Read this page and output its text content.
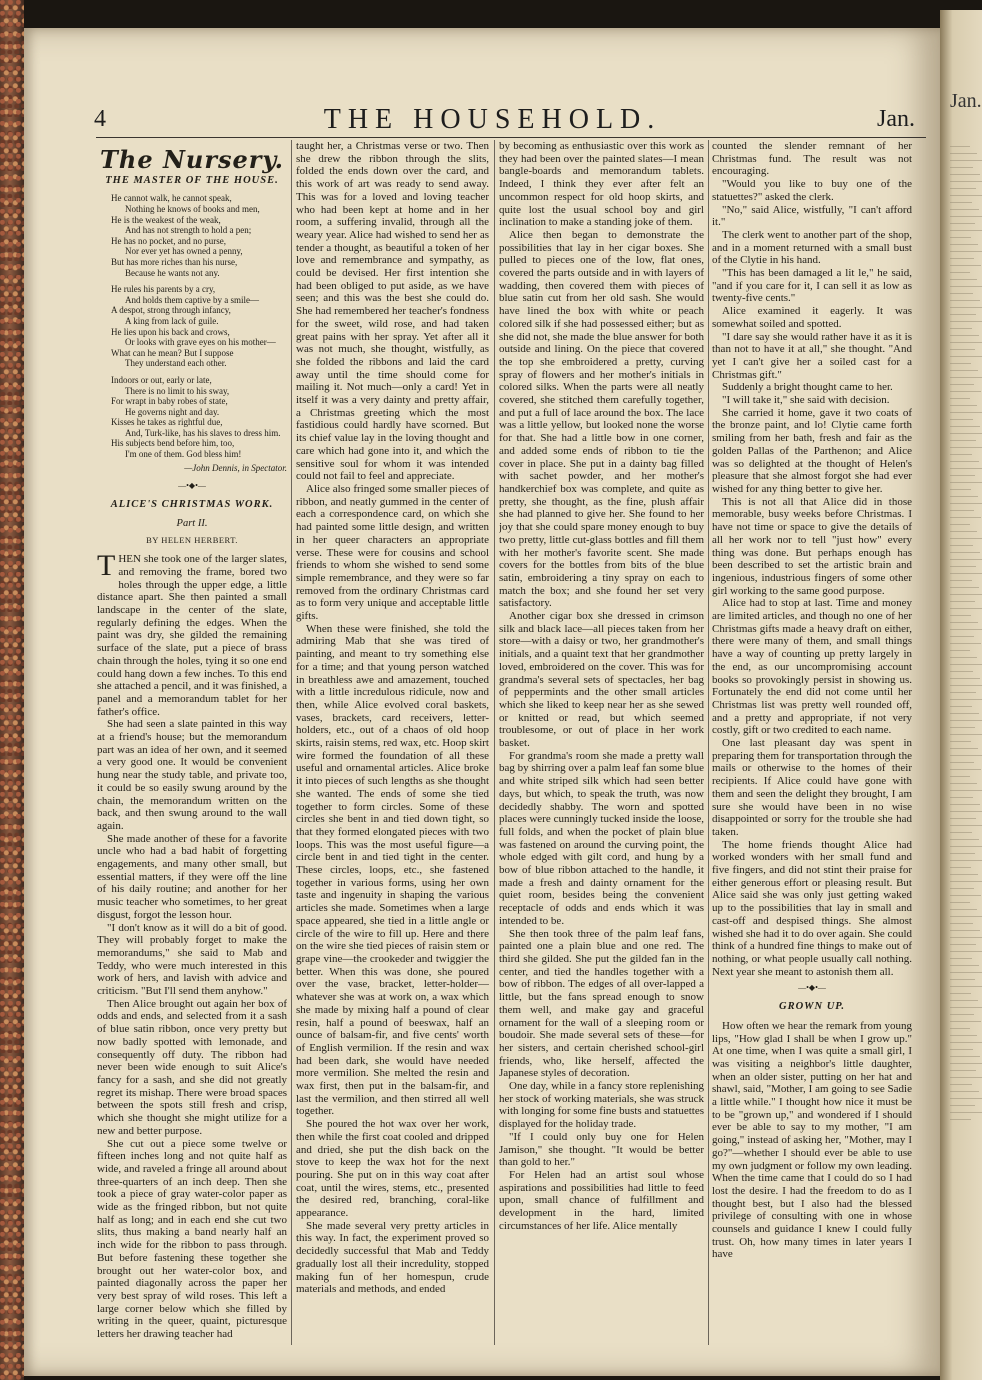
Jan.
4	THE HOUSEHOLD.	Jan.
The Nursery.
THE MASTER OF THE HOUSE.
He cannot walk, he cannot speak,
Nothing he knows of books and men,
He is the weakest of the weak,
And has not strength to hold a pen;
He has no pocket, and no purse,
Nor ever yet has owned a penny,
But has more riches than his nurse,
Because he wants not any.
He rules his parents by a cry,
And holds them captive by a smile—
A despot, strong through infancy,
A king from lack of guile.
He lies upon his back and crows,
Or looks with grave eyes on his mother—
What can he mean? But I suppose
They understand each other.
Indoors or out, early or late,
There is no limit to his sway,
For wrapt in baby robes of state,
He governs night and day.
Kisses he takes as rightful due,
And, Turk-like, has his slaves to dress him.
His subjects bend before him, too,
I'm one of them. God bless him!
—John Dennis, in Spectator.
—•◆•—
ALICE'S CHRISTMAS WORK.
Part II.
BY HELEN HERBERT.

THEN she took one of the larger slates, and removing the frame, bored two holes through the upper edge, a little distance apart. She then painted a small landscape in the center of the slate, regularly defining the edges. When the paint was dry, she gilded the remaining surface of the slate, put a piece of brass chain through the holes, tying it so one end could hang down a few inches. To this end she attached a pencil, and it was finished, a panel and a memorandum tablet for her father's office.

She had seen a slate painted in this way at a friend's house; but the memorandum part was an idea of her own, and it seemed a very good one. It would be convenient hung near the study table, and private too, it could be so easily swung around by the chain, the memorandum written on the back, and then swung around to the wall again.

She made another of these for a favorite uncle who had a bad habit of forgetting engagements, and many other small, but essential matters, if they were off the line of his daily routine; and another for her music teacher who sometimes, to her great disgust, forgot the lesson hour.

"I don't know as it will do a bit of good. They will probably forget to make the memorandums," she said to Mab and Teddy, who were much interested in this work of hers, and lavish with advice and criticism. "But I'll send them anyhow."

Then Alice brought out again her box of odds and ends, and selected from it a sash of blue satin ribbon, once very pretty but now badly spotted with lemonade, and consequently off duty. The ribbon had never been wide enough to suit Alice's fancy for a sash, and she did not greatly regret its mishap. There were broad spaces between the spots still fresh and crisp, which she thought she might utilize for a new and better purpose.

She cut out a piece some twelve or fifteen inches long and not quite half as wide, and raveled a fringe all around about three-quarters of an inch deep. Then she took a piece of gray water-color paper as wide as the fringed ribbon, but not quite half as long; and in each end she cut two slits, thus making a band nearly half an inch wide for the ribbon to pass through. But before fastening these together she brought out her water-color box, and painted diagonally across the paper her very best spray of wild roses. This left a large corner below which she filled by writing in the queer, quaint, picturesque letters her drawing teacher had

taught her, a Christmas verse or two. Then she drew the ribbon through the slits, folded the ends down over the card, and this work of art was ready to send away. This was for a loved and loving teacher who had been kept at home and in her room, a suffering invalid, through all the weary year. Alice had wished to send her as tender a thought, as beautiful a token of her love and remembrance and sympathy, as could be devised. Her first intention she had been obliged to put aside, as we have seen; and this was the best she could do. She had remembered her teacher's fondness for the sweet, wild rose, and had taken great pains with her spray. Yet after all it was not much, she thought, wistfully, as she folded the ribbons and laid the card away until the time should come for mailing it. Not much—only a card! Yet in itself it was a very dainty and pretty affair, a Christmas greeting which the most fastidious could hardly have scorned. But its chief value lay in the loving thought and care which had gone into it, and which the sensitive soul for whom it was intended could not fail to feel and appreciate.

Alice also fringed some smaller pieces of ribbon, and neatly gummed in the center of each a correspondence card, on which she had painted some little design, and written in her queer characters an appropriate verse. These were for cousins and school friends to whom she wished to send some simple remembrance, and they were so far removed from the ordinary Christmas card as to form very unique and acceptable little gifts.

When these were finished, she told the admiring Mab that she was tired of painting, and meant to try something else for a time; and that young person watched in breathless awe and amazement, touched with a little incredulous ridicule, now and then, while Alice evolved coral baskets, vases, brackets, card receivers, letter-holders, etc., out of a chaos of old hoop skirts, raisin stems, red wax, etc. Hoop skirt wire formed the foundation of all these useful and ornamental articles. Alice broke it into pieces of such lengths as she thought she wanted. The ends of some she tied together to form circles. Some of these circles she bent in and tied down tight, so that they formed elongated pieces with two loops. This was the most useful figure—a circle bent in and tied tight in the center. These circles, loops, etc., she fastened together in various forms, using her own taste and ingenuity in shaping the various articles she made. Sometimes when a large space appeared, she tied in a little angle or circle of the wire to fill up. Here and there on the wire she tied pieces of raisin stem or grape vine—the crookeder and twiggier the better. When this was done, she poured over the vase, bracket, letter-holder—whatever she was at work on, a wax which she made by mixing half a pound of clear resin, half a pound of beeswax, half an ounce of balsam-fir, and five cents' worth of English vermilion. If the resin and wax had been dark, she would have needed more vermilion. She melted the resin and wax first, then put in the balsam-fir, and last the vermilion, and then stirred all well together.

She poured the hot wax over her work, then while the first coat cooled and dripped and dried, she put the dish back on the stove to keep the wax hot for the next pouring. She put on in this way coat after coat, until the wires, stems, etc., presented the desired red, branching, coral-like appearance.

She made several very pretty articles in this way. In fact, the experiment proved so decidedly successful that Mab and Teddy gradually lost all their incredulity, stopped making fun of her homespun, crude materials and methods, and ended

by becoming as enthusiastic over this work as they had been over the painted slates—I mean bangle-boards and memorandum tablets. Indeed, I think they ever after felt an uncommon respect for old hoop skirts, and quite lost the usual school boy and girl inclination to make a standing joke of them.

Alice then began to demonstrate the possibilities that lay in her cigar boxes. She pulled to pieces one of the low, flat ones, covered the parts outside and in with layers of wadding, then covered them with pieces of blue satin cut from her old sash. She would have lined the box with white or peach colored silk if she had possessed either; but as she did not, she made the blue answer for both outside and lining. On the piece that covered the top she embroidered a pretty, curving spray of flowers and her mother's initials in colored silks. When the parts were all neatly covered, she stitched them carefully together, and put a full of lace around the box. The lace was a little yellow, but looked none the worse for that. She had a little bow in one corner, and added some ends of ribbon to tie the cover in place. She put in a dainty bag filled with sachet powder, and her mother's handkerchief box was complete, and quite as pretty, she thought, as the fine, plush affair she had planned to give her. She found to her joy that she could spare money enough to buy two pretty, little cut-glass bottles and fill them with her mother's favorite scent. She made covers for the bottles from bits of the blue satin, embroidering a tiny spray on each to match the box; and she found her set very satisfactory.

Another cigar box she dressed in crimson silk and black lace—all pieces taken from her store—with a daisy or two, her grandmother's initials, and a quaint text that her grandmother loved, embroidered on the cover. This was for grandma's several sets of spectacles, her bag of peppermints and the other small articles which she liked to keep near her as she sewed or knitted or read, but which seemed troublesome, or out of place in her work basket.

For grandma's room she made a pretty wall bag by shirring over a palm leaf fan some blue and white striped silk which had seen better days, but which, to speak the truth, was now decidedly shabby. The worn and spotted places were cunningly tucked inside the loose, full folds, and when the pocket of plain blue was fastened on around the curving point, the whole edged with gilt cord, and hung by a bow of blue ribbon attached to the handle, it made a fresh and dainty ornament for the quiet room, besides being the convenient receptacle of odds and ends which it was intended to be.

She then took three of the palm leaf fans, painted one a plain blue and one red. The third she gilded. She put the gilded fan in the center, and tied the handles together with a bow of ribbon. The edges of all over-lapped a little, but the fans spread enough to snow them well, and make gay and graceful ornament for the wall of a sleeping room or boudoir. She made several sets of these—for her sisters, and certain cherished school-girl friends, who, like herself, affected the Japanese styles of decoration.

One day, while in a fancy store replenishing her stock of working materials, she was struck with longing for some fine busts and statuettes displayed for the holiday trade.

"If I could only buy one for Helen Jamison," she thought. "It would be better than gold to her."

For Helen had an artist soul whose aspirations and possibilities had little to feed upon, small chance of fulfillment and development in the hard, limited circumstances of her life. Alice mentally

counted the slender remnant of her Christmas fund. The result was not encouraging.

"Would you like to buy one of the statuettes?" asked the clerk.

"No," said Alice, wistfully, "I can't afford it."

The clerk went to another part of the shop, and in a moment returned with a small bust of the Clytie in his hand.

"This has been damaged a lit le," he said, "and if you care for it, I can sell it as low as twenty-five cents."

Alice examined it eagerly. It was somewhat soiled and spotted.

"I dare say she would rather have it as it is than not to have it at all," she thought. "And yet I can't give her a soiled cast for a Christmas gift."

Suddenly a bright thought came to her.

"I will take it," she said with decision.

She carried it home, gave it two coats of the bronze paint, and lo! Clytie came forth smiling from her bath, fresh and fair as the golden Pallas of the Parthenon; and Alice was so delighted at the thought of Helen's pleasure that she almost forgot she had ever wished for any thing better to give her.

This is not all that Alice did in those memorable, busy weeks before Christmas. I have not time or space to give the details of all her work nor to tell "just how" every thing was done. But perhaps enough has been described to set the artistic brain and ingenious, industrious fingers of some other girl working to the same good purpose.

Alice had to stop at last. Time and money are limited articles, and though no one of her Christmas gifts made a heavy draft on either, there were many of them, and small things have a way of counting up pretty largely in the end, as our uncompromising account books so provokingly persist in showing us. Fortunately the end did not come until her Christmas list was pretty well rounded off, and a pretty and appropriate, if not very costly, gift or two credited to each name.

One last pleasant day was spent in preparing them for transportation through the mails or otherwise to the homes of their recipients. If Alice could have gone with them and seen the delight they brought, I am sure she would have been in no wise disappointed or sorry for the trouble she had taken.

The home friends thought Alice had worked wonders with her small fund and five fingers, and did not stint their praise for either generous effort or pleasing result. But Alice said she was only just getting waked up to the possibilities that lay in small and cast-off and despised things. She almost wished she had it to do over again. She could think of a hundred fine things to make out of nothing, or what people usually call nothing. Next year she meant to astonish them all.

—•◆•—
GROWN UP.

How often we hear the remark from young lips, "How glad I shall be when I grow up." At one time, when I was quite a small girl, I was visiting a neighbor's little daughter, when an older sister, putting on her hat and shawl, said, "Mother, I am going to see Sadie a little while." I thought how nice it must be to be "grown up," and wondered if I should ever be able to say to my mother, "I am going," instead of asking her, "Mother, may I go?"—whether I should ever be able to use my own judgment or follow my own leading. When the time came that I could do so I had lost the desire. I had the freedom to do as I thought best, but I also had the blessed privilege of consulting with one in whose counsels and guidance I knew I could fully trust. Oh, how many times in later years I have
